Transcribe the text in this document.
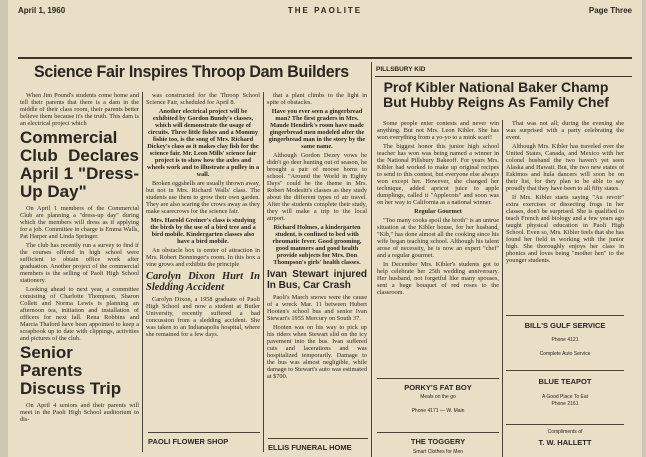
April 1, 1960	THE PAOLITE	Page Three
Science Fair Inspires Throop Dam Builders

When Jim Pound's students come home and tell their parents that there is a dam in the middle of their class room, their parents better believe them because it's the truth. This dam is an electrical project which

Commercial Club Declares April 1 "Dress-Up Day"

On April 1 members of the Commercial Club are planning a "dress-up day" during which the members will dress as if applying for a job. Committee in charge is Emma Walls, Pat Harper and Linda Springer.

The club has recently run a survey to find if the courses offered in high school were sufficient to obtain office work after graduation. Another project of the commercial members is the selling of Paoli High School stationery.

Looking ahead to next year, a committee consisting of Charlotte Thompson, Sharon Collett and Norma Lewis is planning an afternoon tea, initiation and installation of officers for next fall. Rena Robbins and Marcia Thaford have been appointed to keep a scrapbook up to date with clippings, activities and pictures of the club.

Senior Parents Discuss Trip

On April 4 seniors and their parents will meet in the Paoli High School auditorium to dis-

was constructed for the Throop School Science Fair, scheduled for April 8.

Another electrical project will be exhibited by Gordon Bundy's classes, which will demonstrate the usage of circuits. Three little fishes and a Mommy fishie too, is the song of Mrs. Richard Dickey's class as it makes clay fish for the science fair. Mr. Leon Mills' science fair project is to show how the axles and wheels work and to illustrate a pulley in a wall.

Broken eggshells are usually thrown away, but not in Mrs. Richard Walls' class. The students use them to grow their own garden. They are also scaring the crows away as they make scarecrows for the science fair.

Mrs. Harold Greiner's class is studying the birds by the use of a bird tree and a bird mobile. Kindergarten classes also have a bird mobile.

An obstacle box is center of attraction in Mrs. Robert Bonninger's room. In this box a vine grows and exhibits the principle

Carolyn Dixon Hurt In Sledding Accident

Carolyn Dixon, a 1958 graduate of Paoli High School and now a student at Butler University, recently suffered a bad concussion from a sledding accident. She was taken to an Indianapolis hospital, where she remained for a few days.

PAOLI FLOWER SHOP

that a plant climbs to the light in spite of obstacles.

Have you ever seen a gingerbread man? The first graders in Mrs. Maude Hendirk's room have made gingerbread men modeled after the gingerbread man in the story by the same name.

Although Gordon Dezey vows he didn't go deer hunting out of season, he brought a pair of moose horns to school. "Around the World in Eighty Days" could be the theme in Mrs. Robert Modesitt's classes as they study about the different types of air travel. After the students complete their study, they will make a trip to the local airport.

Richard Holmes, a kindergarten student, is confined to bed with rheumatic fever. Good grooming, good manners and good health provide subjects for Mrs. Don Thompson's girls' health classes.

Ivan Stewart injured In Bus, Car Crash

Paoli's March snows were the cause of a wreck Mar. 11 between Hubert Hooten's school bus and senior Ivan Stewart's 1955 Mercury on South 37.

Hooten was on his way to pick up his riders when Stewart slid on the icy pavement into the bus. Ivan suffered cuts and lacerations and was hospitalized temporarily. Damage to the bus was almost negligible, while damage to Stewart's auto was estimated at $700.

ELLIS FUNERAL HOME
PILLSBURY KID
Prof Kibler National Baker Champ But Hubby Reigns As Family Chef

Some people enter contests and never win anything. But not Mrs. Leon Kibler. She has won everything from a yo-yo to a mink scarf!

The biggest honor this junior high school teacher has won was being named a winner in the National Pillsbury Bakeoff. For years Mrs. Kibler had worked to make up original recipes to send to this contest, but everyone else always won except her. However, she changed her technique, added apricot juice to apple dumplings, called it "Applecots" and soon was on her way to California as a national winner.

Regular Gourmet

"Too many cooks spoil the broth" is an untrue situation at the Kibler house, for her husband, "Kib," has done almost all the cooking since his wife began teaching school. Although his talent arose of necessity, he is now an expert "chef" and a regular gourmet.

In December Mrs. Kibler's students got to help celebrate her 25th wedding anniversary. Her husband, not forgetful like many spouses, sent a huge bouquet of red roses to the classroom.

That was not all; during the evening she was surprised with a party celebrating the event.

Although Mrs. Kibler has traveled over the United States, Canada, and Mexico with her colonel husband the two haven't yet seen Alaska and Hawaii. But, the two new states of Eskimos and hula dancers will soon be on their list, for they plan to be able to say proudly that they have been to all fifty states.

If Mrs. Kibler starts saying "Au revoir" extra exercises or dissecting frogs in her classes, don't be surprised. She is qualified to teach French and biology and a few years ago taught physical education in Paoli High School. Even so, Mrs. Kibler feels that she has found her field in working with the junior high. She thoroughly enjoys her class in phonics and loves being "mother hen" to the younger students.

PORKY'S FAT BOY
Meals on the go
Phone 4171 — W. Main
THE TOGGERY
Smart Clothes for Men
BILL'S GULF SERVICE
Phone 4121
Complete Auto Service
BLUE TEAPOT
A Good Place To Eat
Phone 2161
Compliments of
T. W. HALLETT
